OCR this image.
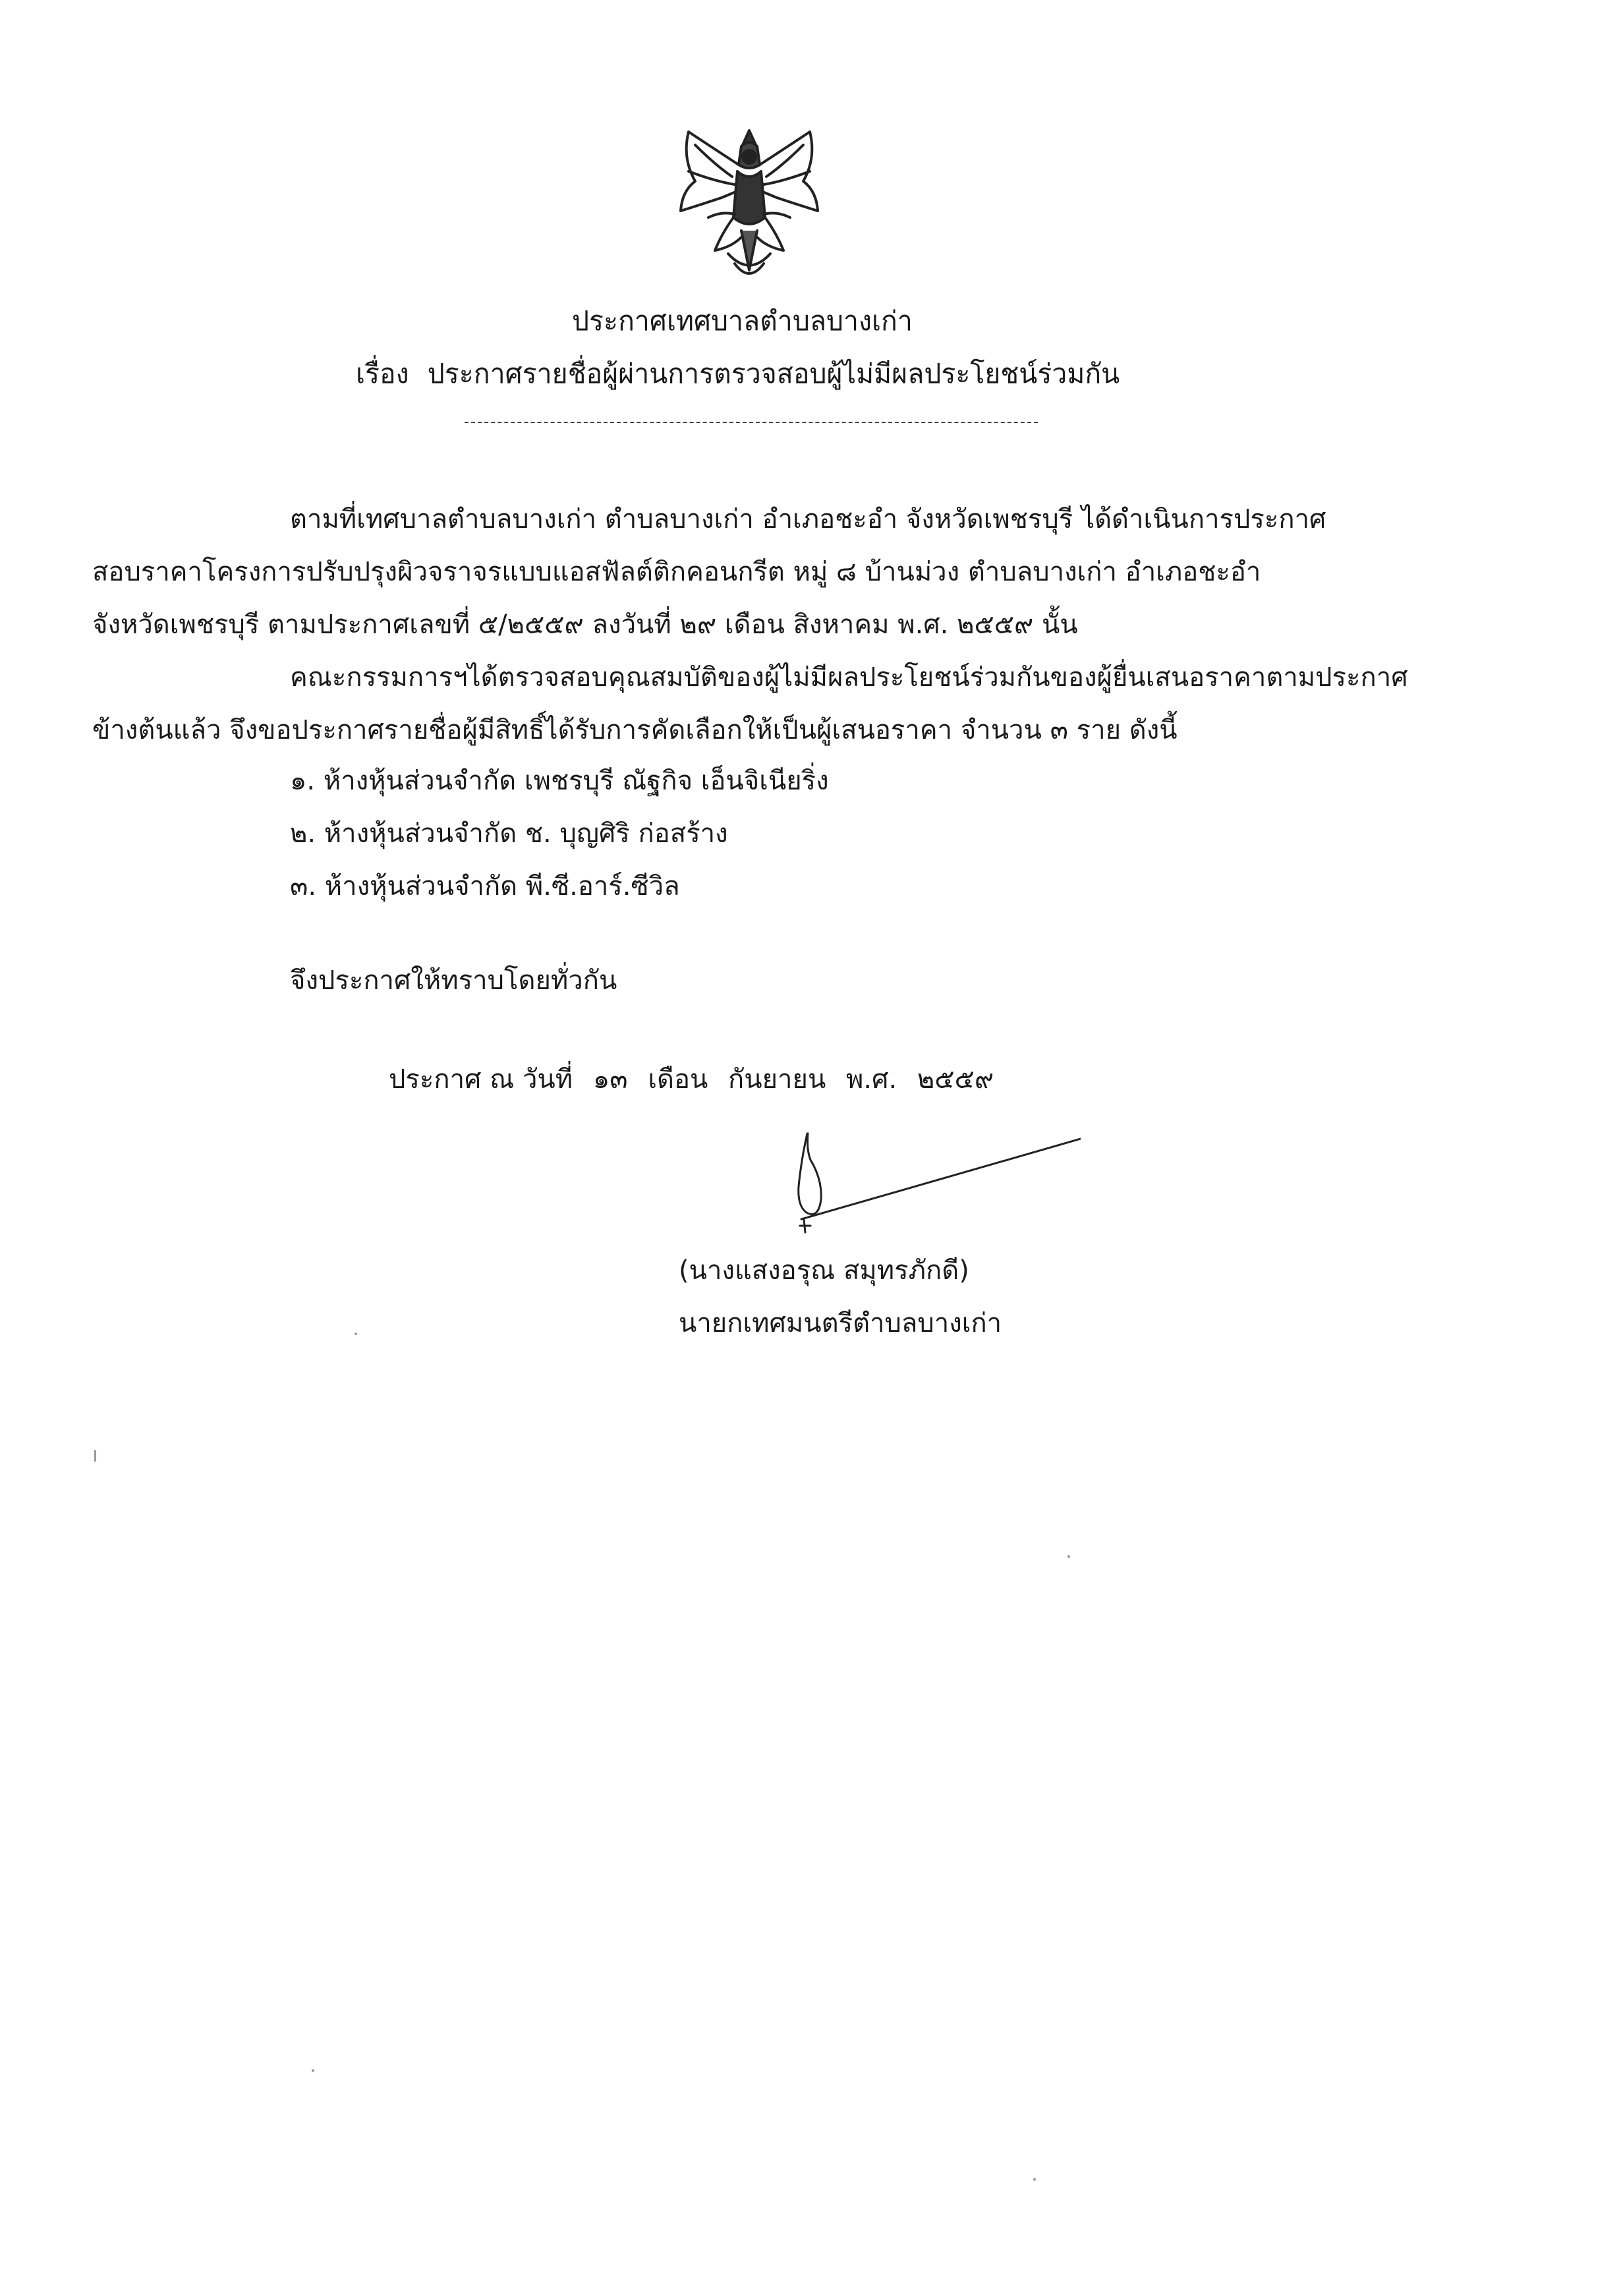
ประกาศเทศบาลตำบลบางเก่า
เรื่อง ประกาศรายชื่อผู้ผ่านการตรวจสอบผู้ไม่มีผลประโยชน์ร่วมกัน
ตามที่เทศบาลตำบลบางเก่า ตำบลบางเก่า อำเภอชะอำ จังหวัดเพชรบุรี ได้ดำเนินการประกาศ
สอบราคาโครงการปรับปรุงผิวจราจรแบบแอสฟัลต์ติกคอนกรีต หมู่ ๘ บ้านม่วง ตำบลบางเก่า อำเภอชะอำ
จังหวัดเพชรบุรี ตามประกาศเลขที่ ๕/๒๕๕๙ ลงวันที่ ๒๙ เดือน สิงหาคม พ.ศ. ๒๕๕๙ นั้น
คณะกรรมการฯได้ตรวจสอบคุณสมบัติของผู้ไม่มีผลประโยชน์ร่วมกันของผู้ยื่นเสนอราคาตามประกาศ
ข้างต้นแล้ว จึงขอประกาศรายชื่อผู้มีสิทธิ์ได้รับการคัดเลือกให้เป็นผู้เสนอราคา จำนวน ๓ ราย ดังนี้
๑. ห้างหุ้นส่วนจำกัด เพชรบุรี ณัฐกิจ เอ็นจิเนียริ่ง
๒. ห้างหุ้นส่วนจำกัด ช. บุญศิริ ก่อสร้าง
๓. ห้างหุ้นส่วนจำกัด พี.ซี.อาร์.ซีวิล
จึงประกาศให้ทราบโดยทั่วกัน
ประกาศ ณ วันที่ ๑๓ เดือน กันยายน พ.ศ. ๒๕๕๙
(นางแสงอรุณ สมุทรภักดี)
นายกเทศมนตรีตำบลบางเก่า
